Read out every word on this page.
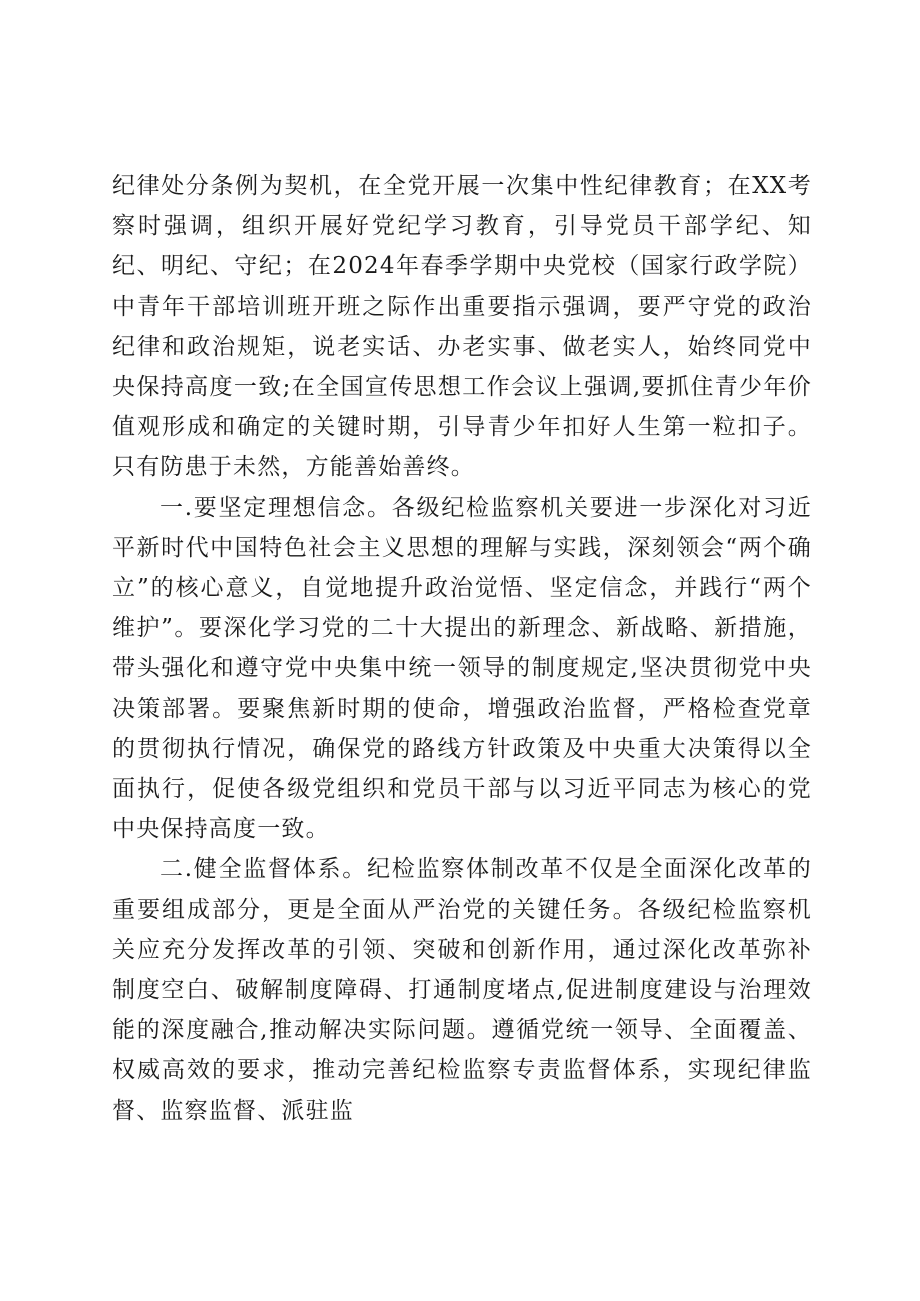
纪律处分条例为契机，在全党开展一次集中性纪律教育；在XX考察时强调，组织开展好党纪学习教育，引导党员干部学纪、知纪、明纪、守纪；在2024年春季学期中央党校（国家行政学院）中青年干部培训班开班之际作出重要指示强调，要严守党的政治纪律和政治规矩，说老实话、办老实事、做老实人，始终同党中央保持高度一致;在全国宣传思想工作会议上强调,要抓住青少年价值观形成和确定的关键时期，引导青少年扣好人生第一粒扣子。只有防患于未然，方能善始善终。

一.要坚定理想信念。各级纪检监察机关要进一步深化对习近平新时代中国特色社会主义思想的理解与实践，深刻领会“两个确立”的核心意义，自觉地提升政治觉悟、坚定信念，并践行“两个维护”。要深化学习党的二十大提出的新理念、新战略、新措施，带头强化和遵守党中央集中统一领导的制度规定,坚决贯彻党中央决策部署。要聚焦新时期的使命，增强政治监督，严格检查党章的贯彻执行情况，确保党的路线方针政策及中央重大决策得以全面执行，促使各级党组织和党员干部与以习近平同志为核心的党中央保持高度一致。

二.健全监督体系。纪检监察体制改革不仅是全面深化改革的重要组成部分，更是全面从严治党的关键任务。各级纪检监察机关应充分发挥改革的引领、突破和创新作用，通过深化改革弥补制度空白、破解制度障碍、打通制度堵点,促进制度建设与治理效能的深度融合,推动解决实际问题。遵循党统一领导、全面覆盖、权威高效的要求，推动完善纪检监察专责监督体系，实现纪律监督、监察监督、派驻监
